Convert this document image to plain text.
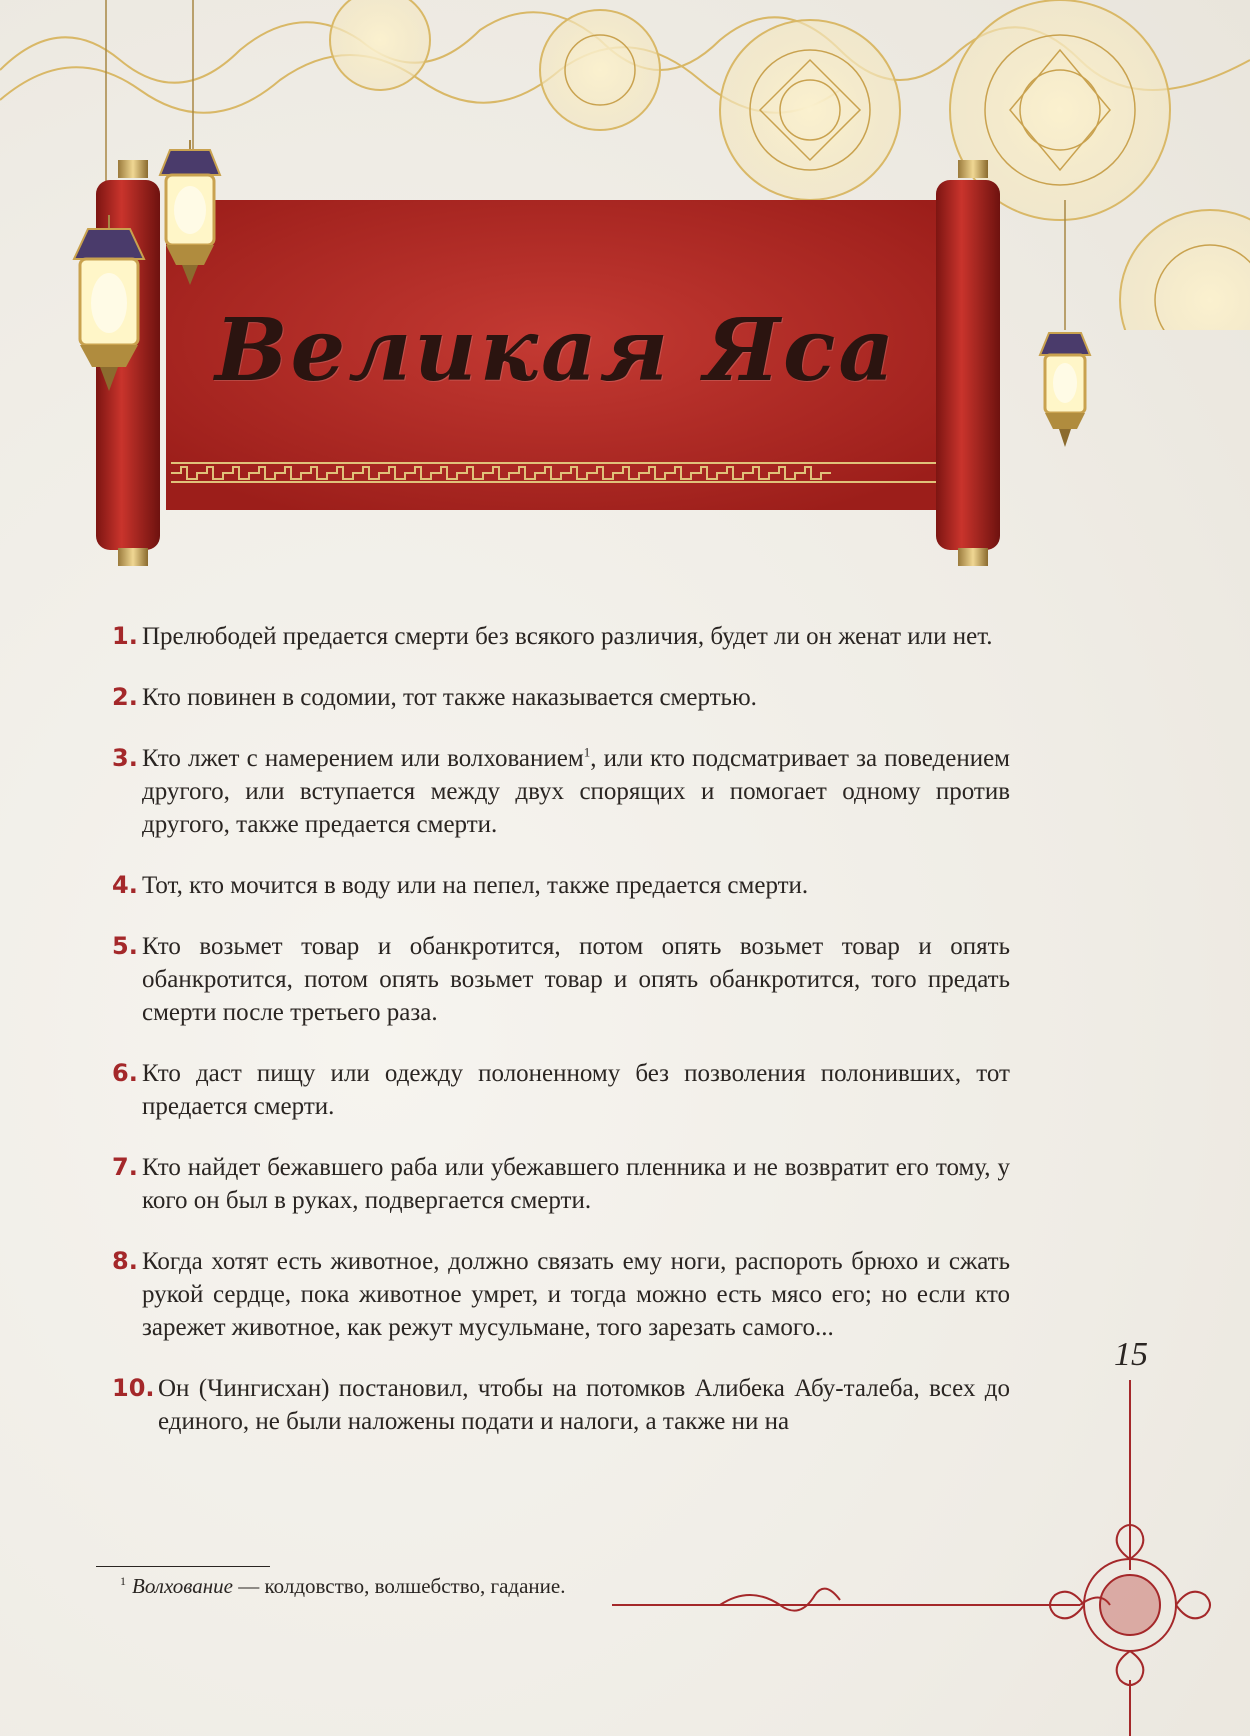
Великая Яса
1. Прелюбодей предается смерти без всякого различия, будет ли он женат или нет.
2. Кто повинен в содомии, тот также наказывается смертью.
3. Кто лжет с намерением или волхованием$^1$, или кто подсматривает за поведением другого, или вступается между двух спорящих и помогает одному против другого, также предается смерти.
4. Тот, кто мочится в воду или на пепел, также предается смерти.
5. Кто возьмет товар и обанкротится, потом опять возьмет товар и опять обанкротится, потом опять возьмет товар и опять обанкротится, того предать смерти после третьего раза.
6. Кто даст пищу или одежду полоненному без позволения полонивших, тот предается смерти.
7. Кто найдет бежавшего раба или убежавшего пленника и не возвратит его тому, у кого он был в руках, подвергается смерти.
8. Когда хотят есть животное, должно связать ему ноги, распороть брюхо и сжать рукой сердце, пока животное умрет, и тогда можно есть мясо его; но если кто зарежет животное, как режут мусульмане, того зарезать самого...
10. Он (Чингисхан) постановил, чтобы на потомков Алибека Абу-талеба, всех до единого, не были наложены подати и налоги, а также ни на
$^1$ Волхование — колдовство, волшебство, гадание.
15
